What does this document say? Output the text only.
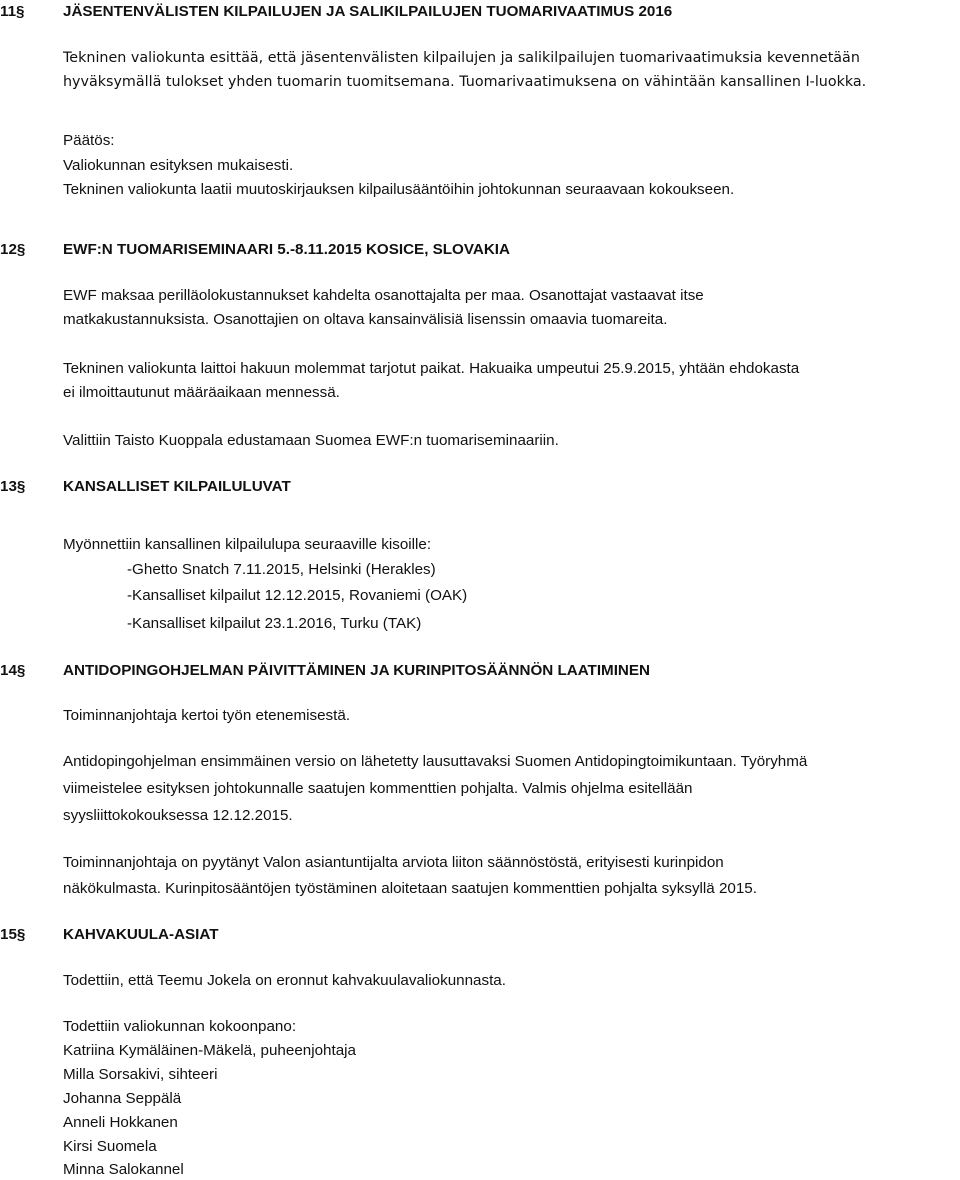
11§	JÄSENTENVÄLISTEN KILPAILUJEN JA SALIKILPAILUJEN TUOMARIVAATIMUS 2016
Tekninen valiokunta esittää, että jäsentenvälisten kilpailujen ja salikilpailujen tuomarivaatimuksia kevennetään
hyväksymällä tulokset yhden tuomarin tuomitsemana. Tuomarivaatimuksena on vähintään kansallinen I-luokka.
Päätös:
Valiokunnan esityksen mukaisesti.
Tekninen valiokunta laatii muutoskirjauksen kilpailusääntöihin johtokunnan seuraavaan kokoukseen.
12§ EWF:N TUOMARISEMINAARI 5.-8.11.2015 KOSICE, SLOVAKIA
EWF maksaa perilläolokustannukset kahdelta osanottajalta per maa. Osanottajat vastaavat itse
matkakustannuksista. Osanottajien on oltava kansainvälisiä lisenssin omaavia tuomareita.
Tekninen valiokunta laittoi hakuun molemmat tarjotut paikat. Hakuaika umpeutui 25.9.2015, yhtään ehdokasta
ei ilmoittautunut määräaikaan mennessä.
Valittiin Taisto Kuoppala edustamaan Suomea EWF:n tuomariseminaariin.
13§ KANSALLISET KILPAILULUVAT
Myönnettiin kansallinen kilpailulupa seuraaville kisoille:
-Ghetto Snatch 7.11.2015, Helsinki (Herakles)
-Kansalliset kilpailut 12.12.2015, Rovaniemi (OAK)
-Kansalliset kilpailut 23.1.2016, Turku (TAK)
14§ ANTIDOPINGOHJELMAN PÄIVITTÄMINEN JA KURINPITOSÄÄNNÖN LAATIMINEN
Toiminnanjohtaja kertoi työn etenemisestä.
Antidopingohjelman ensimmäinen versio on lähetetty lausuttavaksi Suomen Antidopingtoimikuntaan. Työryhmä
viimeistelee esityksen johtokunnalle saatujen kommenttien pohjalta. Valmis ohjelma esitellään
syysliittokokouksessa 12.12.2015.
Toiminnanjohtaja on pyytänyt Valon asiantuntijalta arviota liiton säännöstöstä, erityisesti kurinpidon
näkökulmasta. Kurinpitosääntöjen työstäminen aloitetaan saatujen kommenttien pohjalta syksyllä 2015.
15§ KAHVAKUULA-ASIAT
Todettiin, että Teemu Jokela on eronnut kahvakuulavaliokunnasta.
Todettiin valiokunnan kokoonpano:
Katriina Kymäläinen-Mäkelä, puheenjohtaja
Milla Sorsakivi, sihteeri
Johanna Seppälä
Anneli Hokkanen
Kirsi Suomela
Minna Salokannel
